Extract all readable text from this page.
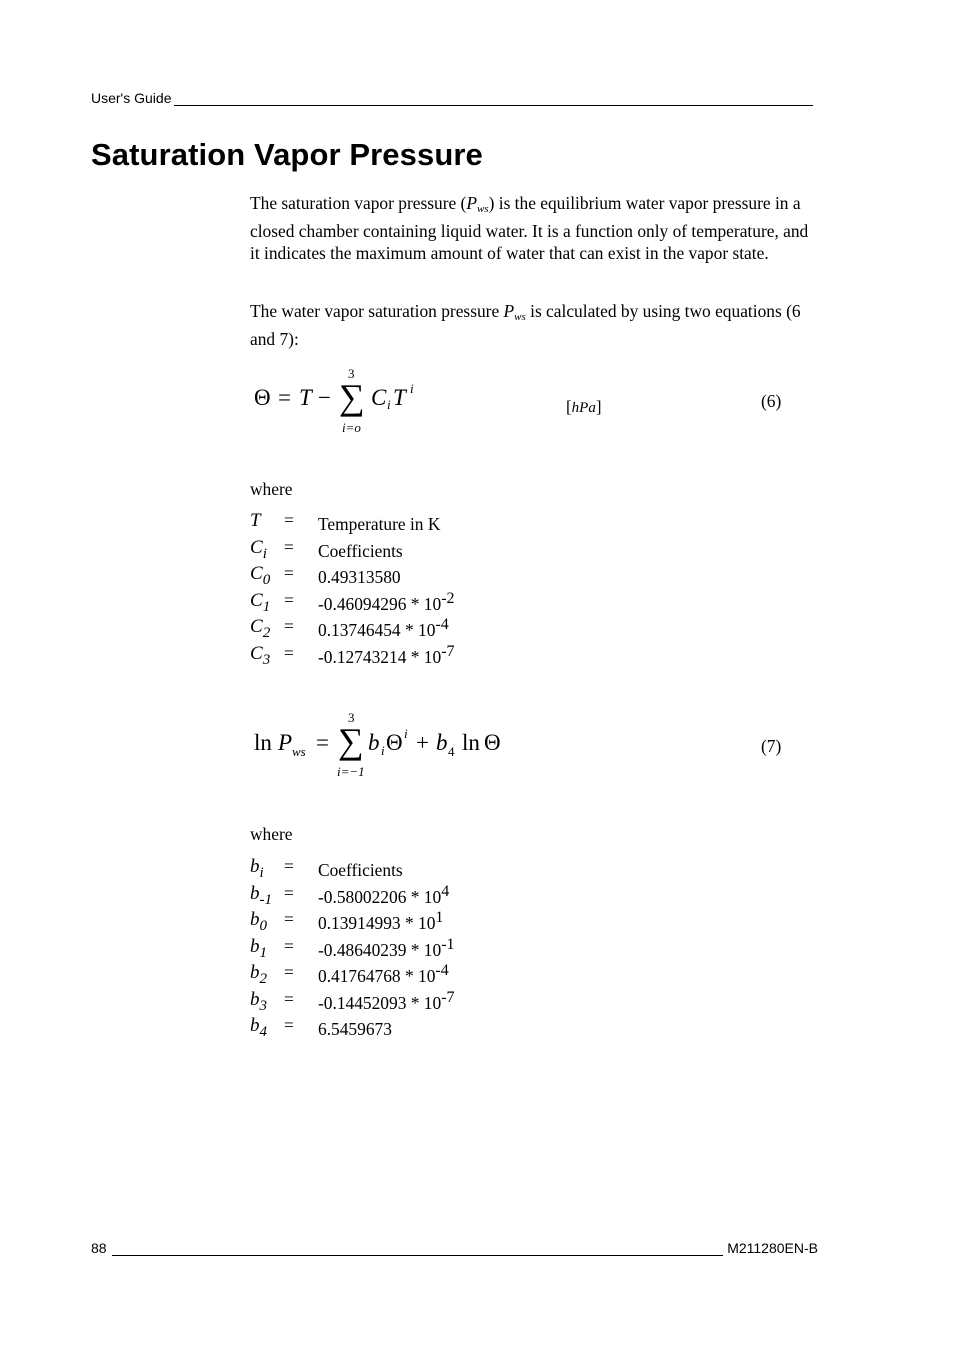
User's Guide
Saturation Vapor Pressure

The saturation vapor pressure (Pws) is the equilibrium water vapor pressure in a closed chamber containing liquid water. It is a function only of temperature, and it indicates the maximum amount of water that can exist in the vapor state.

The water vapor saturation pressure Pws is calculated by using two equations (6 and 7):

Θ = T −
3
∑
i=o
C i T i
[hPa]	(6)
where
T = Temperature in K
$C_i$ = Coefficients
$C_0 = 0.49313580$
$C_1 = -0.46094296 * 10^{-2}$
$C_2 = 0.13746454 * 10^{-4}$
$C_3 = -0.12743214 * 10^{-7}$
ln P ws =
3
∑
i=−1
b i Θ i + b 4 ln Θ	(7)
where
$b_i$ = Coefficients
$b_{-1} = -0.58002206 * 10^4$
$b_0 = 0.13914993 * 10^1$
$b_1 = -0.48640239 * 10^{-1}$
$b_2 = 0.41764768 * 10^{-4}$
$b_3 = -0.14452093 * 10^{-7}$
$b_4 = 6.5459673$
88	M211280EN-B
